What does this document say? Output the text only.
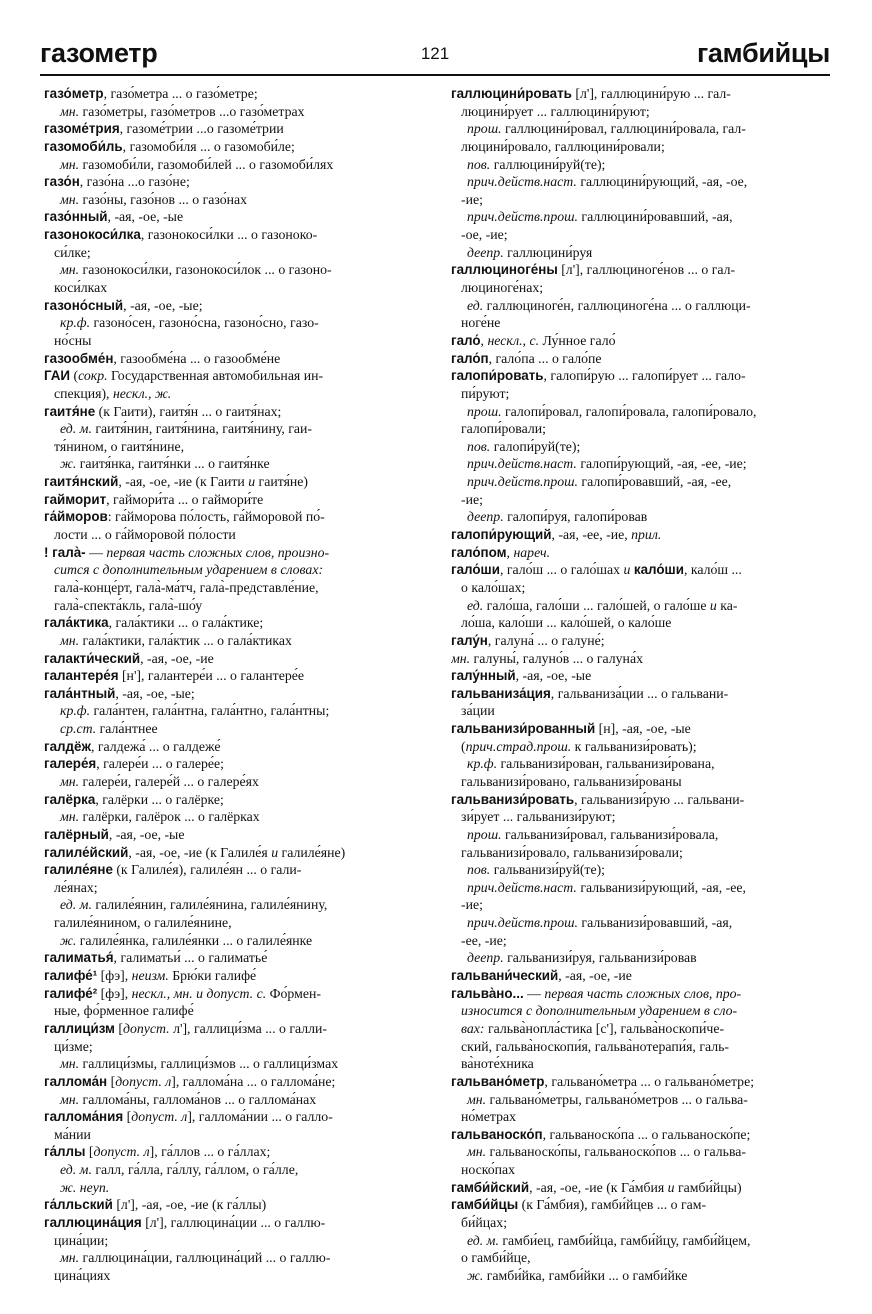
газометр	121	гамбийцы
газо́метр, газо́метра ... о газо́метре;
мн. газо́метры, газо́метров ...о газо́метрах
газоме́трия, газоме́трии ...о газоме́трии
газомоби́ль, газомоби́ля ... о газомоби́ле;
мн. газомоби́ли, газомоби́лей ... о газомоби́лях
газо́н, газо́на ...о газо́не;
мн. газо́ны, газо́нов ... о газо́нах
газо́нный, -ая, -ое, -ые
газонокоси́лка, газонокоси́лки ... о газоноко-
си́лке;
мн. газонокоси́лки, газонокоси́лок ... о газоно-
коси́лках
газоно́сный, -ая, -ое, -ые;
кр.ф. газоно́сен, газоно́сна, газоно́сно, газо-
но́сны
газообме́н, газообме́на ... о газообме́не
ГАИ (сокр. Государственная автомобильная ин-
спекция), нескл., ж.
гаитя́не (к Гаити), гаитя́н ... о гаитя́нах;
ед. м. гаитя́нин, гаитя́нина, гаитя́нину, гаи-
тя́нином, о гаитя́нине,
ж. гаитя́нка, гаитя́нки ... о гаитя́нке
гаитя́нский, -ая, -ое, -ие (к Гаити и гаитя́не)
гайморит, гаймори́та ... о гаймори́те
га́йморов: га́йморова по́лость, га́йморовой по́-
лости ... о га́йморовой по́лости
! гала̀- — первая часть сложных слов, произно-
сится с дополнительным ударением в словах:
гала̀-конце́рт, гала̀-ма́тч, гала̀-представле́ние,
гала̀-спекта́кль, гала̀-шо́у
гала́ктика, гала́ктики ... о гала́ктике;
мн. гала́ктики, гала́ктик ... о гала́ктиках
галакти́ческий, -ая, -ое, -ие
галантере́я [н'], галантере́и ... о галантере́е
гала́нтный, -ая, -ое, -ые;
кр.ф. гала́нтен, гала́нтна, гала́нтно, гала́нтны;
ср.ст. гала́нтнее
галдёж, галдежа́ ... о галдеже́
галере́я, галере́и ... о галере́е;
мн. галере́и, галере́й ... о галере́ях
галёрка, галёрки ... о галёрке;
мн. галёрки, галёрок ... о галёрках
галёрный, -ая, -ое, -ые
галиле́йский, -ая, -ое, -ие (к Галиле́я и галиле́яне)
галиле́яне (к Галиле́я), галиле́ян ... о гали-
ле́янах;
ед. м. галиле́янин, галиле́янина, галиле́янину,
галиле́янином, о галиле́янине,
ж. галиле́янка, галиле́янки ... о галиле́янке
галиматья́, галиматьи́ ... о галиматье́
галифе́¹ [фэ], неизм. Брю́ки галифе́
галифе́² [фэ], нескл., мн. и допуст. с. Фо́рмен-
ные, фо́рменное галифе́
галлици́зм [допуст. л'], галлици́зма ... о галли-
ци́зме;
мн. галлици́змы, галлици́змов ... о галлици́змах
галлома́н [допуст. л], галлома́на ... о галлома́не;
мн. галлома́ны, галлома́нов ... о галлома́нах
галлома́ния [допуст. л], галлома́нии ... о галло-
ма́нии
га́ллы [допуст. л], га́ллов ... о га́ллах;
ед. м. галл, га́лла, га́ллу, га́ллом, о га́лле,
ж. неуп.
га́лльский [л'], -ая, -ое, -ие (к га́ллы)
галлюцина́ция [л'], галлюцина́ции ... о галлю-
цина́ции;
мн. галлюцина́ции, галлюцина́ций ... о галлю-
цина́циях
галлюцини́ровать [л'], галлюцини́рую ... гал-
люцини́рует ... галлюцини́руют;
прош. галлюцини́ровал, галлюцини́ровала, гал-
люцини́ровало, галлюцини́ровали;
пов. галлюцини́руй(те);
прич.действ.наст. галлюцини́рующий, -ая, -ое,
-ие;
прич.действ.прош. галлюцини́ровавший, -ая,
-ое, -ие;
деепр. галлюцини́руя
галлюциноге́ны [л'], галлюциноге́нов ... о гал-
люциноге́нах;
ед. галлюциноге́н, галлюциноге́на ... о галлюци-
ноге́не
гало́, нескл., с. Лу́нное гало́
гало́п, гало́па ... о гало́пе
галопи́ровать, галопи́рую ... галопи́рует ... гало-
пи́руют;
прош. галопи́ровал, галопи́ровала, галопи́ровало,
галопи́ровали;
пов. галопи́руй(те);
прич.действ.наст. галопи́рующий, -ая, -ее, -ие;
прич.действ.прош. галопи́ровавший, -ая, -ее,
-ие;
деепр. галопи́руя, галопи́ровав
галопи́рующий, -ая, -ее, -ие, прил.
гало́пом, нареч.
гало́ши, гало́ш ... о гало́шах и кало́ши, кало́ш ...
о кало́шах;
ед. гало́ша, гало́ши ... гало́шей, о гало́ше и ка-
ло́ша, кало́ши ... кало́шей, о кало́ше
галу́н, галуна́ ... о галуне́;
мн. галуны́, галуно́в ... о галуна́х
галу́нный, -ая, -ое, -ые
гальваниза́ция, гальваниза́ции ... о гальвани-
за́ции
гальванизи́рованный [н], -ая, -ое, -ые
(прич.страд.прош. к гальванизи́ровать);
кр.ф. гальванизи́рован, гальванизи́рована,
гальванизи́ровано, гальванизи́рованы
гальванизи́ровать, гальванизи́рую ... гальвани-
зи́рует ... гальванизи́руют;
прош. гальванизи́ровал, гальванизи́ровала,
гальванизи́ровало, гальванизи́ровали;
пов. гальванизи́руй(те);
прич.действ.наст. гальванизи́рующий, -ая, -ее,
-ие;
прич.действ.прош. гальванизи́ровавший, -ая,
-ее, -ие;
деепр. гальванизи́руя, гальванизи́ровав
гальвани́ческий, -ая, -ое, -ие
гальва̀но... — первая часть сложных слов, про-
износится с дополнительным ударением в сло-
вах: гальва̀нопла́стика [с'], гальва̀носкопи́че-
ский, гальва̀носкопи́я, гальва̀нотерапи́я, галь-
ва̀ноте́хника
гальвано́метр, гальвано́метра ... о гальвано́метре;
мн. гальвано́метры, гальвано́метров ... о гальва-
но́метрах
гальваноско́п, гальваноско́па ... о гальваноско́пе;
мн. гальваноско́пы, гальваноско́пов ... о гальва-
носко́пах
гамби́йский, -ая, -ое, -ие (к Га́мбия и гамби́йцы)
гамби́йцы (к Га́мбия), гамби́йцев ... о гам-
би́йцах;
ед. м. гамби́ец, гамби́йца, гамби́йцу, гамби́йцем,
о гамби́йце,
ж. гамби́йка, гамби́йки ... о гамби́йке
